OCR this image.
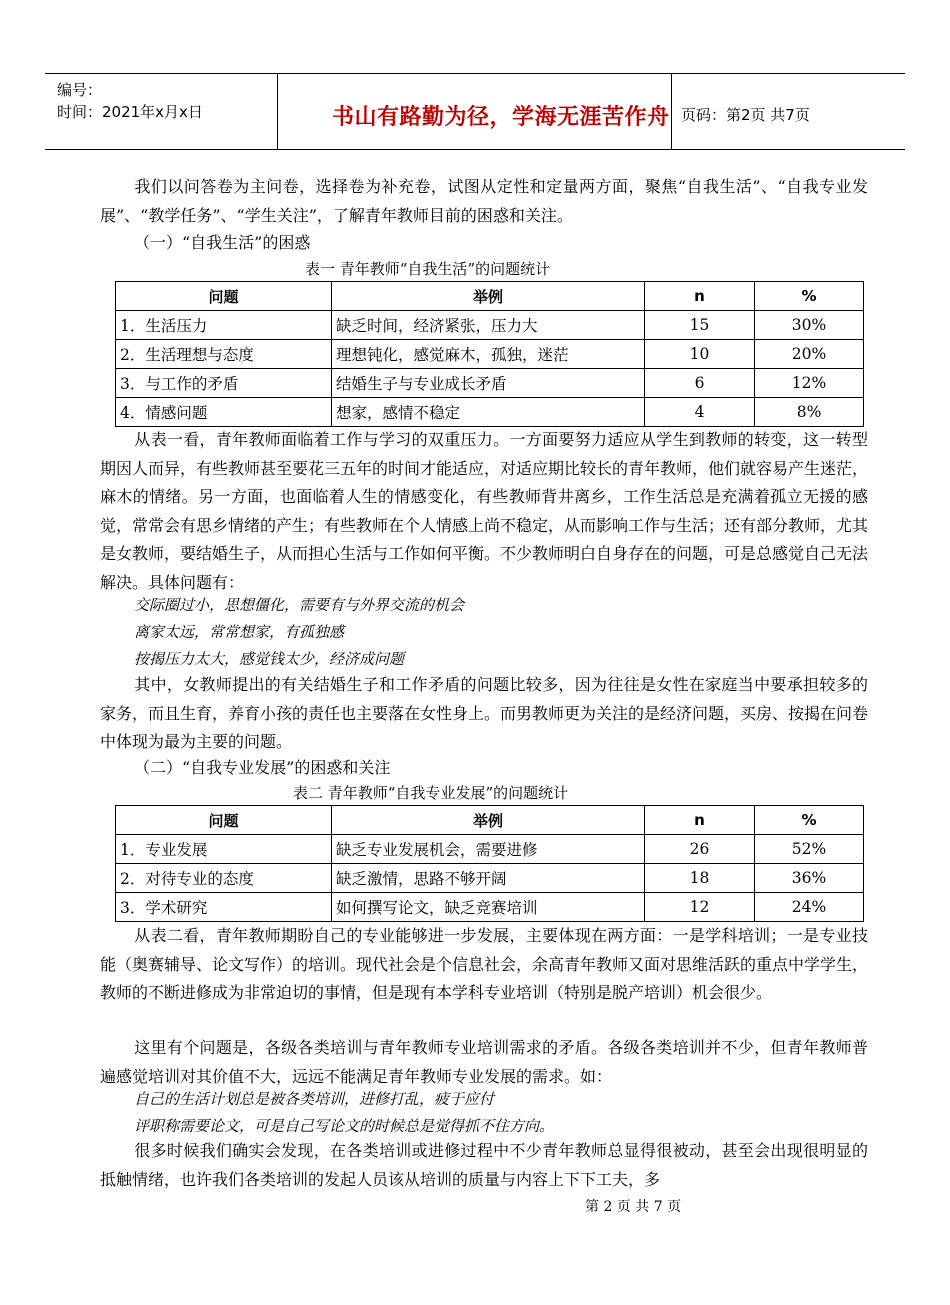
编号：
时间：2021年x月x日	书山有路勤为径，学海无涯苦作舟 页码：第2页 共7页
我们以问答卷为主问卷，选择卷为补充卷，试图从定性和定量两方面，聚焦“自我生活”、“自我专业发展”、“教学任务”、“学生关注”，了解青年教师目前的困惑和关注。
（一）“自我生活”的困惑
表一 青年教师“自我生活”的问题统计
问题	举例	n	%
1．生活压力	缺乏时间，经济紧张，压力大	15	30%
2．生活理想与态度	理想钝化，感觉麻木，孤独，迷茫	10	20%
3．与工作的矛盾	结婚生子与专业成长矛盾	6	12%
4．情感问题	想家，感情不稳定	4	8%
从表一看，青年教师面临着工作与学习的双重压力。一方面要努力适应从学生到教师的转变，这一转型期因人而异，有些教师甚至要花三五年的时间才能适应，对适应期比较长的青年教师，他们就容易产生迷茫，麻木的情绪。另一方面，也面临着人生的情感变化，有些教师背井离乡，工作生活总是充满着孤立无援的感觉，常常会有思乡情绪的产生；有些教师在个人情感上尚不稳定，从而影响工作与生活；还有部分教师，尤其是女教师，要结婚生子，从而担心生活与工作如何平衡。不少教师明白自身存在的问题，可是总感觉自己无法解决。具体问题有：
交际圈过小，思想僵化，需要有与外界交流的机会
离家太远，常常想家，有孤独感
按揭压力太大，感觉钱太少，经济成问题
其中，女教师提出的有关结婚生子和工作矛盾的问题比较多，因为往往是女性在家庭当中要承担较多的家务，而且生育，养育小孩的责任也主要落在女性身上。而男教师更为关注的是经济问题，买房、按揭在问卷中体现为最为主要的问题。
（二）“自我专业发展”的困惑和关注
表二 青年教师“自我专业发展”的问题统计
问题	举例	n	%
1．专业发展	缺乏专业发展机会，需要进修	26	52%
2．对待专业的态度	缺乏激情，思路不够开阔	18	36%
3．学术研究	如何撰写论文，缺乏竞赛培训	12	24%
从表二看，青年教师期盼自己的专业能够进一步发展，主要体现在两方面：一是学科培训；一是专业技能（奥赛辅导、论文写作）的培训。现代社会是个信息社会，余高青年教师又面对思维活跃的重点中学学生，教师的不断进修成为非常迫切的事情，但是现有本学科专业培训（特别是脱产培训）机会很少。
这里有个问题是，各级各类培训与青年教师专业培训需求的矛盾。各级各类培训并不少，但青年教师普遍感觉培训对其价值不大，远远不能满足青年教师专业发展的需求。如：
自己的生活计划总是被各类培训，进修打乱，疲于应付
评职称需要论文，可是自己写论文的时候总是觉得抓不住方向。
很多时候我们确实会发现，在各类培训或进修过程中不少青年教师总显得很被动，甚至会出现很明显的抵触情绪，也许我们各类培训的发起人员该从培训的质量与内容上下下工夫，多
第 2 页 共 7 页
